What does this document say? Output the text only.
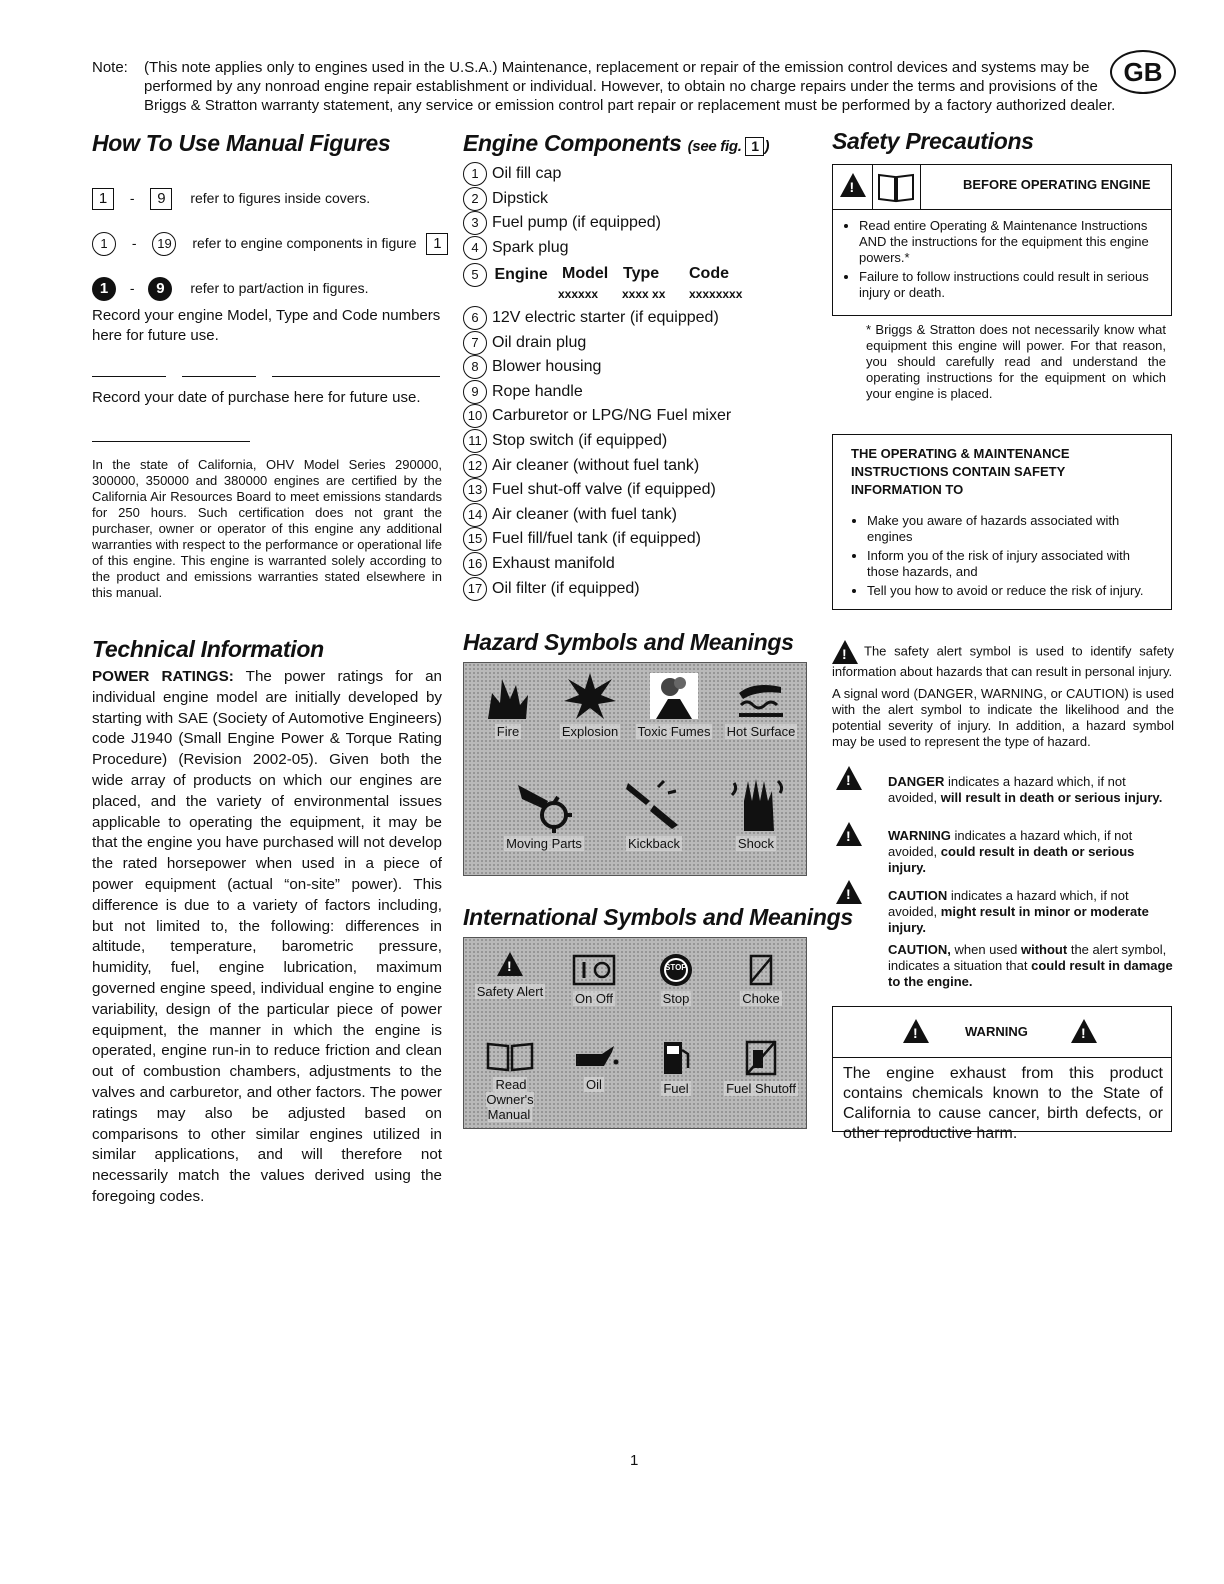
Note: (This note applies only to engines used in the U.S.A.) Maintenance, replacement or repair of the emission control devices and systems may be performed by any nonroad engine repair establishment or individual. However, to obtain no charge repairs under the terms and provisions of the Briggs & Stratton warranty statement, any service or emission control part repair or replacement must be performed by a factory authorized dealer.
GB
How To Use Manual Figures
1 - 9 refer to figures inside covers.
1 - 19 refer to engine components in figure 1
1 - 9 refer to part/action in figures.
Record your engine Model, Type and Code numbers here for future use.
Record your date of purchase here for future use.
In the state of California, OHV Model Series 290000, 300000, 350000 and 380000 engines are certified by the California Air Resources Board to meet emissions standards for 250 hours. Such certification does not grant the purchaser, owner or operator of this engine any additional warranties with respect to the performance or operational life of this engine. This engine is warranted solely according to the product and emissions warranties stated elsewhere in this manual.
Technical Information
POWER RATINGS: The power ratings for an individual engine model are initially developed by starting with SAE (Society of Automotive Engineers) code J1940 (Small Engine Power & Torque Rating Procedure) (Revision 2002-05). Given both the wide array of products on which our engines are placed, and the variety of environmental issues applicable to operating the equipment, it may be that the engine you have purchased will not develop the rated horsepower when used in a piece of power equipment (actual “on-site” power). This difference is due to a variety of factors including, but not limited to, the following: differences in altitude, temperature, barometric pressure, humidity, fuel, engine lubrication, maximum governed engine speed, individual engine to engine variability, design of the particular piece of power equipment, the manner in which the engine is operated, engine run-in to reduce friction and clean out of combustion chambers, adjustments to the valves and carburetor, and other factors. The power ratings may also be adjusted based on comparisons to other similar engines utilized in similar applications, and will therefore not necessarily match the values derived using the foregoing codes.
Engine Components (see fig. 1 )
1 Oil fill cap
2 Dipstick
3 Fuel pump (if equipped)
4 Spark plug
5 Engine Model Type Code
xxxxxx xxxx xx xxxxxxxx
6 12V electric starter (if equipped)
7 Oil drain plug
8 Blower housing
9 Rope handle
10 Carburetor or LPG/NG Fuel mixer
11 Stop switch (if equipped)
12 Air cleaner (without fuel tank)
13 Fuel shut-off valve (if equipped)
14 Air cleaner (with fuel tank)
15 Fuel fill/fuel tank (if equipped)
16 Exhaust manifold
17 Oil filter (if equipped)
Hazard Symbols and Meanings
Fire	Explosion	Toxic Fumes	Hot Surface
Moving Parts	Kickback	Shock
International Symbols and Meanings
!
Safety Alert	On Off
STOP
Stop	Choke
Read Owner's Manual
Oil	Fuel	Fuel Shutoff
Safety Precautions
!
BEFORE OPERATING ENGINE
• Read entire Operating & Maintenance Instructions AND the instructions for the equipment this engine powers.*
• Failure to follow instructions could result in serious injury or death.
* Briggs & Stratton does not necessarily know what equipment this engine will power. For that reason, you should carefully read and understand the operating instructions for the equipment on which your engine is placed.
THE OPERATING & MAINTENANCE INSTRUCTIONS CONTAIN SAFETY INFORMATION TO
• Make you aware of hazards associated with engines
• Inform you of the risk of injury associated with those hazards, and
• Tell you how to avoid or reduce the risk of injury.
!The safety alert symbol is used to identify safety information about hazards that can result in personal injury.
A signal word (DANGER, WARNING, or CAUTION) is used with the alert symbol to indicate the likelihood and the potential severity of injury. In addition, a hazard symbol may be used to represent the type of hazard.
!
DANGER indicates a hazard which, if not avoided, will result in death or serious injury.
!
WARNING indicates a hazard which, if not avoided, could result in death or serious injury.
!
CAUTION indicates a hazard which, if not avoided, might result in minor or moderate injury.
CAUTION, when used without the alert symbol, indicates a situation that could result in damage to the engine.
!
WARNING
!
The engine exhaust from this product contains chemicals known to the State of California to cause cancer, birth defects, or other reproductive harm.
1
